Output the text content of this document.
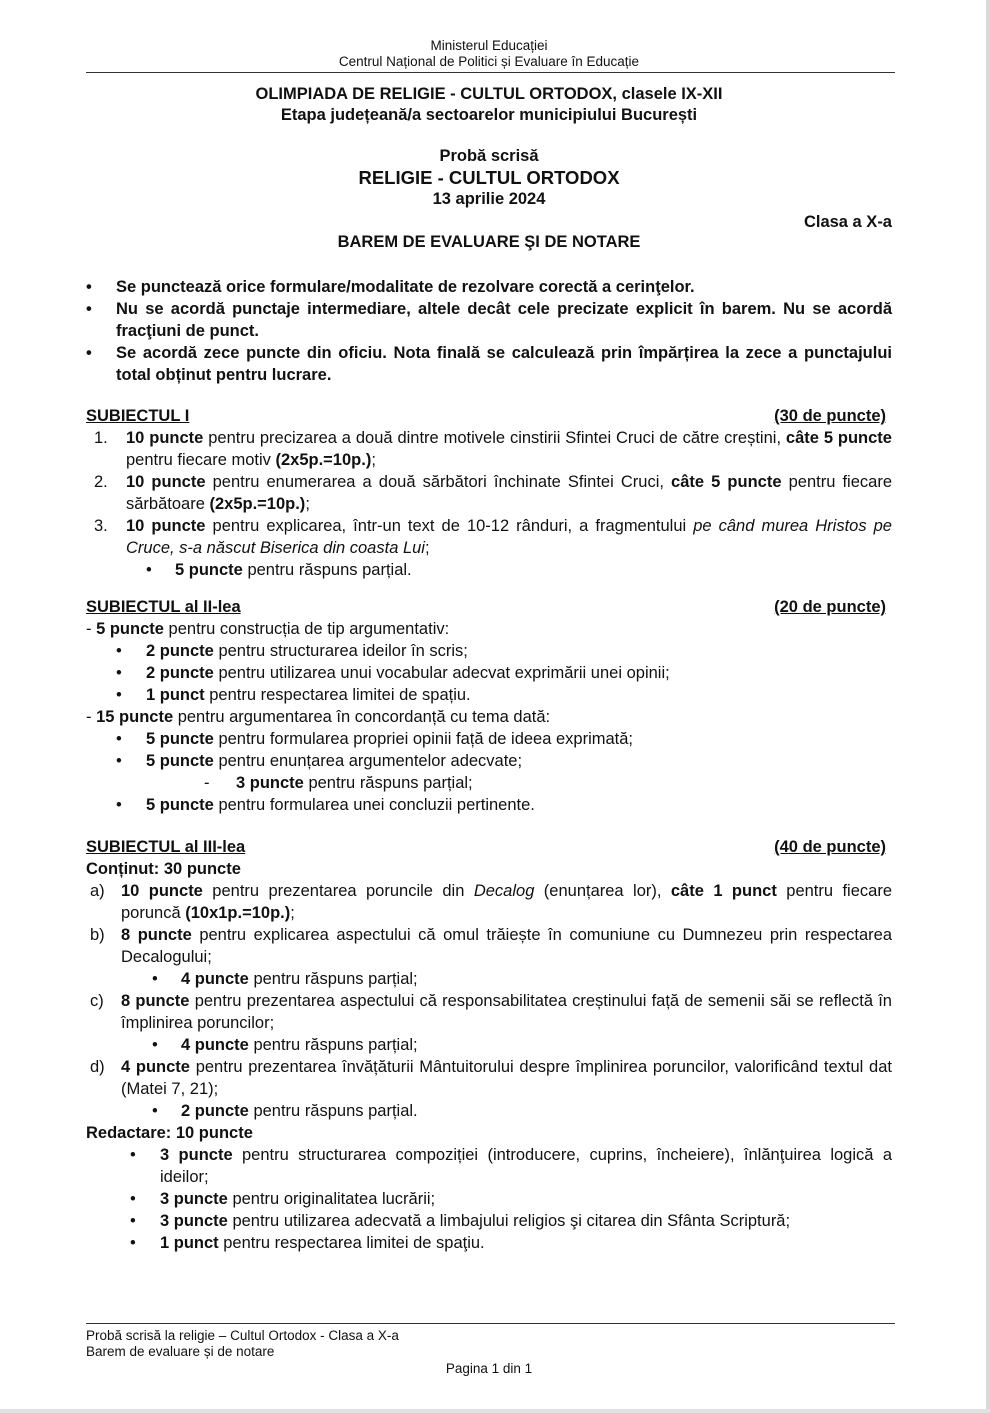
Ministerul Educației
Centrul Național de Politici și Evaluare în Educație
OLIMPIADA DE RELIGIE - CULTUL ORTODOX, clasele IX-XII
Etapa județeană/a sectoarelor municipiului București
Probă scrisă
RELIGIE - CULTUL ORTODOX
13 aprilie 2024
Clasa a X-a
BAREM DE EVALUARE ŞI DE NOTARE
• Se punctează orice formulare/modalitate de rezolvare corectă a cerinţelor.
• Nu se acordă punctaje intermediare, altele decât cele precizate explicit în barem. Nu se acordă fracţiuni de punct.
• Se acordă zece puncte din oficiu. Nota finală se calculează prin împărțirea la zece a punctajului total obținut pentru lucrare.
SUBIECTUL I	(30 de puncte)
1. 10 puncte pentru precizarea a două dintre motivele cinstirii Sfintei Cruci de către creștini, câte 5 puncte pentru fiecare motiv (2x5p.=10p.);
2. 10 puncte pentru enumerarea a două sărbători închinate Sfintei Cruci, câte 5 puncte pentru fiecare sărbătoare (2x5p.=10p.);
3. 10 puncte pentru explicarea, într-un text de 10-12 rânduri, a fragmentului pe când murea Hristos pe Cruce, s-a născut Biserica din coasta Lui;
• 5 puncte pentru răspuns parțial.
SUBIECTUL al II-lea	(20 de puncte)
- 5 puncte pentru construcția de tip argumentativ:
• 2 puncte pentru structurarea ideilor în scris;
• 2 puncte pentru utilizarea unui vocabular adecvat exprimării unei opinii;
• 1 punct pentru respectarea limitei de spațiu.
- 15 puncte pentru argumentarea în concordanță cu tema dată:
• 5 puncte pentru formularea propriei opinii față de ideea exprimată;
• 5 puncte pentru enunțarea argumentelor adecvate;
- 3 puncte pentru răspuns parțial;
• 5 puncte pentru formularea unei concluzii pertinente.
SUBIECTUL al III-lea	(40 de puncte)
Conținut: 30 puncte
a) 10 puncte pentru prezentarea poruncile din Decalog (enunțarea lor), câte 1 punct pentru fiecare poruncă (10x1p.=10p.);
b) 8 puncte pentru explicarea aspectului că omul trăiește în comuniune cu Dumnezeu prin respectarea Decalogului;
• 4 puncte pentru răspuns parțial;
c) 8 puncte pentru prezentarea aspectului că responsabilitatea creștinului față de semenii săi se reflectă în împlinirea poruncilor;
• 4 puncte pentru răspuns parțial;
d) 4 puncte pentru prezentarea învățăturii Mântuitorului despre împlinirea poruncilor, valorificând textul dat (Matei 7, 21);
• 2 puncte pentru răspuns parțial.
Redactare: 10 puncte
• 3 puncte pentru structurarea compoziției (introducere, cuprins, încheiere), înlănţuirea logică a ideilor;
• 3 puncte pentru originalitatea lucrării;
• 3 puncte pentru utilizarea adecvată a limbajului religios şi citarea din Sfânta Scriptură;
• 1 punct pentru respectarea limitei de spaţiu.
Probă scrisă la religie – Cultul Ortodox - Clasa a X-a
Barem de evaluare și de notare
Pagina 1 din 1
